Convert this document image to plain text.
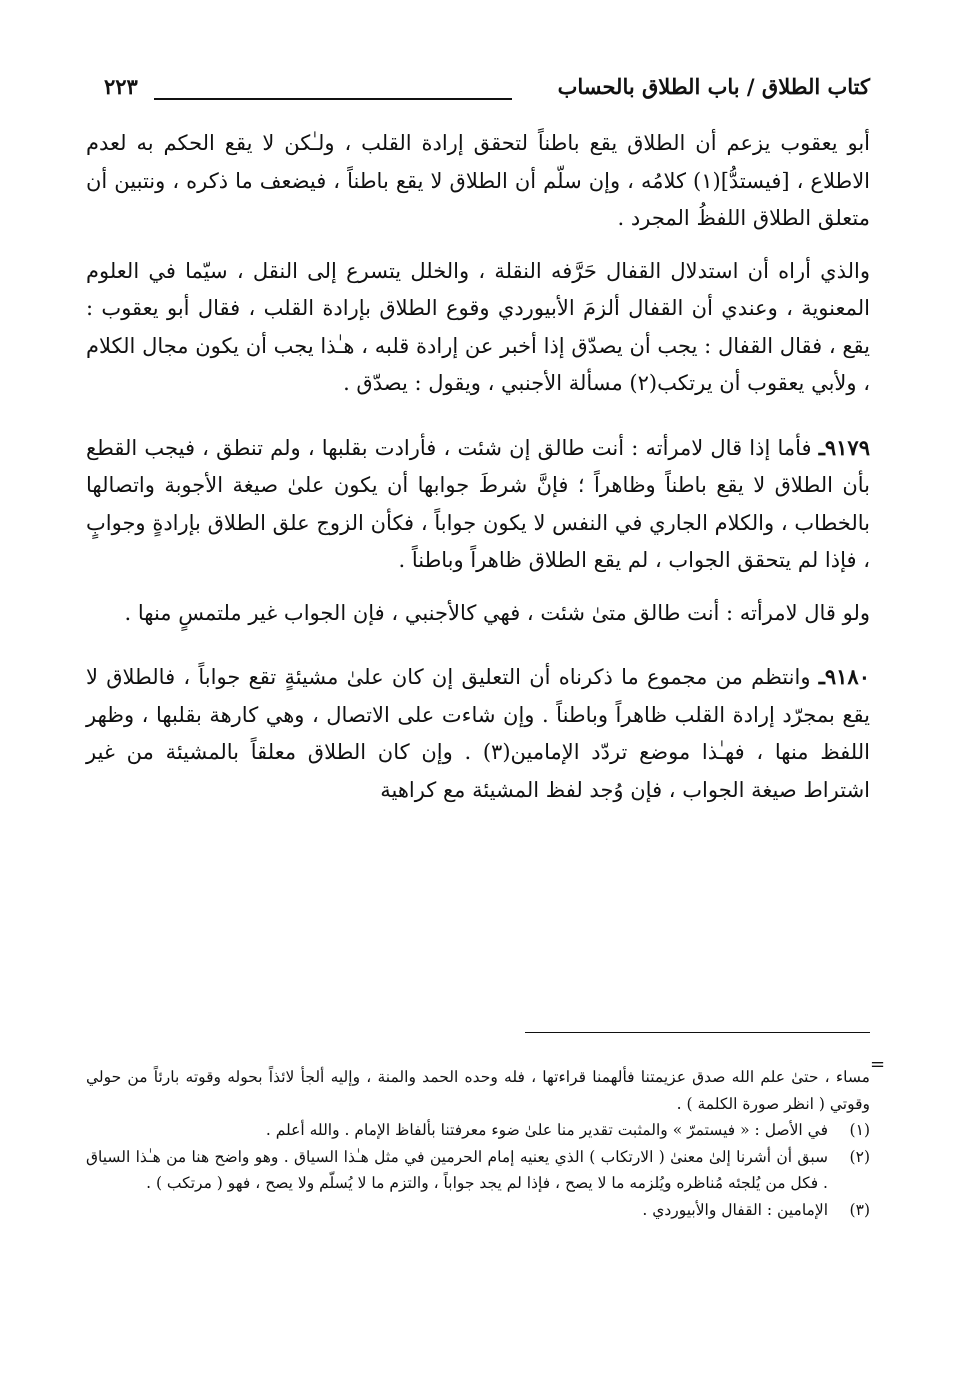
كتاب الطلاق / باب الطلاق بالحساب
٢٢٣

أبو يعقوب يزعم أن الطلاق يقع باطناً لتحقق إرادة القلب ، ولـٰكن لا يقع الحكم به لعدم الاطلاع ، [فيستدُّ](١) كلامُه ، وإن سلّم أن الطلاق لا يقع باطناً ، فيضعف ما ذكره ، ونتبين أن متعلق الطلاق اللفظُ المجرد .

والذي أراه أن استدلال القفال حَرَّفه النقلة ، والخلل يتسرع إلى النقل ، سيّما في العلوم المعنوية ، وعندي أن القفال ألزمَ الأبيوردي وقوع الطلاق بإرادة القلب ، فقال أبو يعقوب : يقع ، فقال القفال : يجب أن يصدّق إذا أخبر عن إرادة قلبه ، هـٰذا يجب أن يكون مجال الكلام ، ولأبي يعقوب أن يرتكب(٢) مسألة الأجنبي ، ويقول : يصدّق .

٩١٧٩ـ فأما إذا قال لامرأته : أنت طالق إن شئت ، فأرادت بقلبها ، ولم تنطق ، فيجب القطع بأن الطلاق لا يقع باطناً وظاهراً ؛ فإنَّ شرطَ جوابها أن يكون علىٰ صيغة الأجوبة واتصالها بالخطاب ، والكلام الجاري في النفس لا يكون جواباً ، فكأن الزوج علق الطلاق بإرادةٍ وجوابٍ ، فإذا لم يتحقق الجواب ، لم يقع الطلاق ظاهراً وباطناً .

ولو قال لامرأته : أنت طالق متىٰ شئت ، فهي كالأجنبي ، فإن الجواب غير ملتمسٍ منها .

٩١٨٠ـ وانتظم من مجموع ما ذكرناه أن التعليق إن كان علىٰ مشيئةٍ تقع جواباً ، فالطلاق لا يقع بمجرّد إرادة القلب ظاهراً وباطناً . وإن شاءت على الاتصال ، وهي كارهة بقلبها ، وظهر اللفظ منها ، فهـٰذا موضع تردّد الإمامين(٣) . وإن كان الطلاق معلقاً بالمشيئة من غير اشتراط صيغة الجواب ، فإن وُجد لفظ المشيئة مع كراهية

=

مساء ، حتىٰ علم الله صدق عزيمتنا فألهمنا قراءتها ، فله وحده الحمد والمنة ، وإليه ألجأ لائذاً بحوله وقوته بارئاً من حولي وقوتي ( انظر صورة الكلمة ) .

(١)
في الأصل : « فيستمرّ » والمثبت تقدير منا علىٰ ضوء معرفتنا بألفاظ الإمام . والله أعلم .
(٢)
سبق أن أشرنا إلىٰ معنىٰ ( الارتكاب ) الذي يعنيه إمام الحرمين في مثل هـٰذا السياق . وهو واضح هنا من هـٰذا السياق . فكل من يُلجئه مُناظره ويُلزمه ما لا يصح ، فإذا لم يجد جواباً ، والتزم ما لا يُسلّم ولا يصح ، فهو ( مرتكب ) .
(٣)
الإمامين : القفال والأبيوردي .
